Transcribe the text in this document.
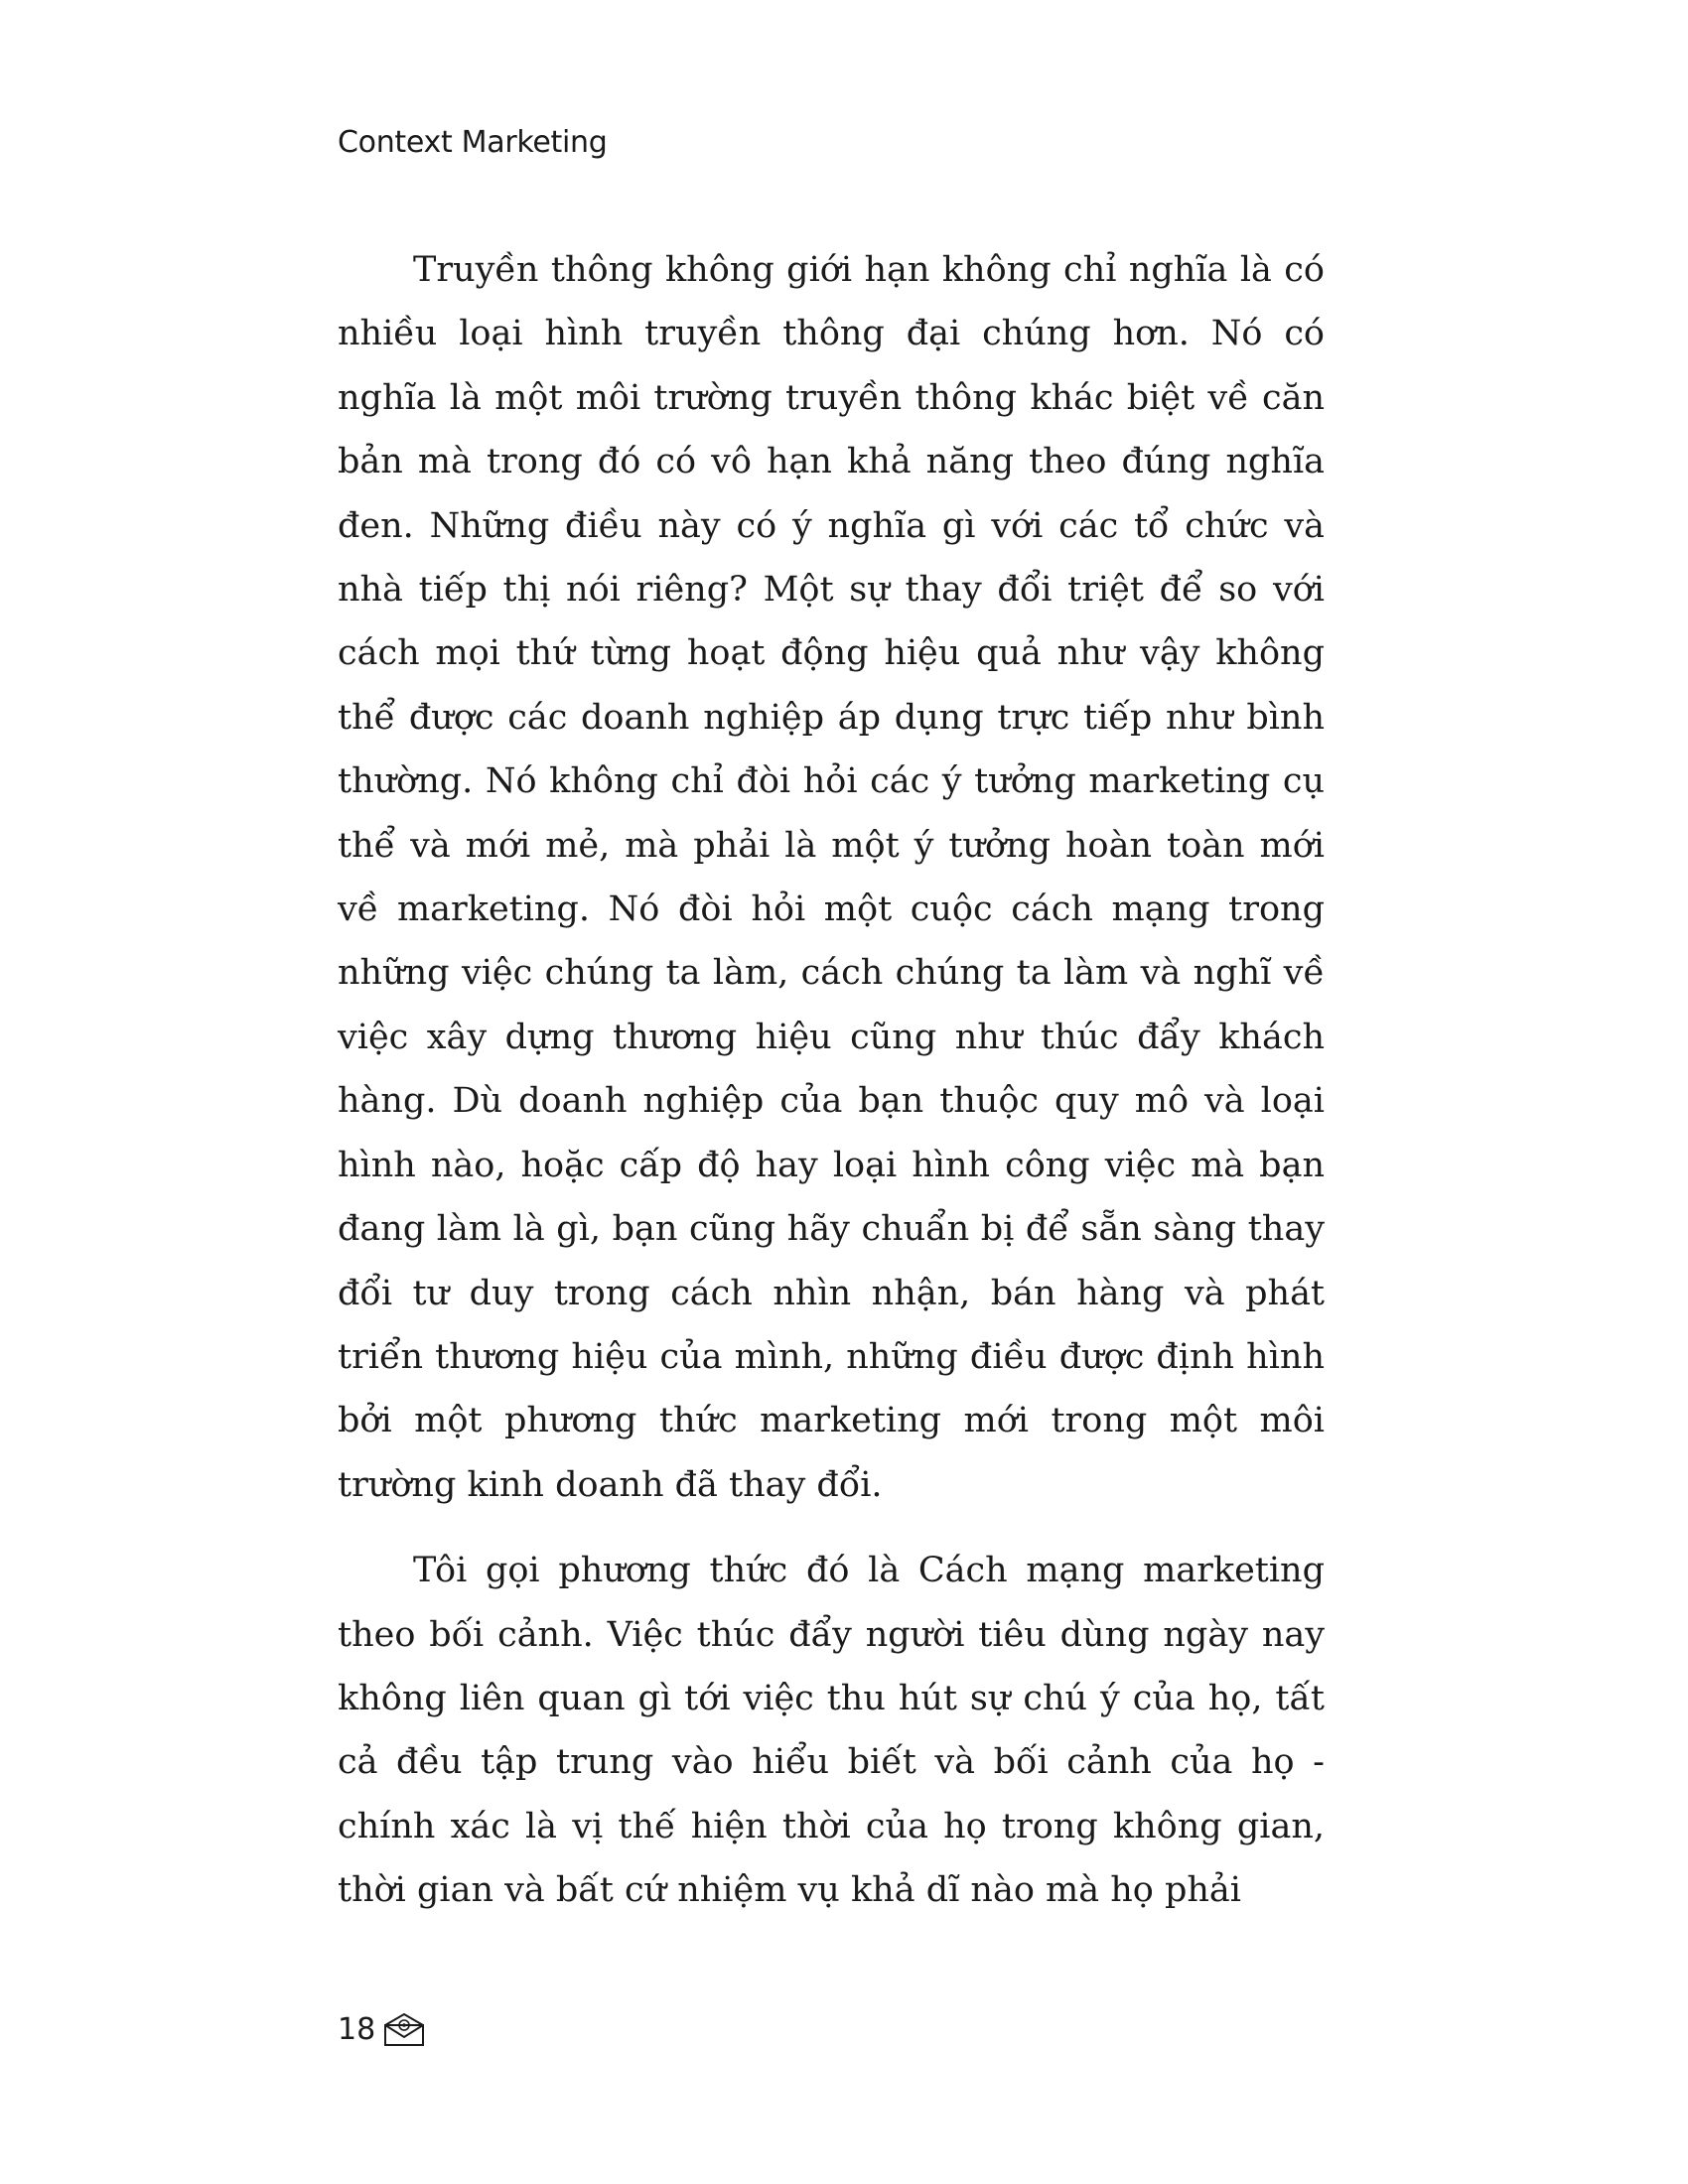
Context Marketing

Truyền thông không giới hạn không chỉ nghĩa là có nhiều loại hình truyền thông đại chúng hơn. Nó có nghĩa là một môi trường truyền thông khác biệt về căn bản mà trong đó có vô hạn khả năng theo đúng nghĩa đen. Những điều này có ý nghĩa gì với các tổ chức và nhà tiếp thị nói riêng? Một sự thay đổi triệt để so với cách mọi thứ từng hoạt động hiệu quả như vậy không thể được các doanh nghiệp áp dụng trực tiếp như bình thường. Nó không chỉ đòi hỏi các ý tưởng marketing cụ thể và mới mẻ, mà phải là một ý tưởng hoàn toàn mới về marketing. Nó đòi hỏi một cuộc cách mạng trong những việc chúng ta làm, cách chúng ta làm và nghĩ về việc xây dựng thương hiệu cũng như thúc đẩy khách hàng. Dù doanh nghiệp của bạn thuộc quy mô và loại hình nào, hoặc cấp độ hay loại hình công việc mà bạn đang làm là gì, bạn cũng hãy chuẩn bị để sẵn sàng thay đổi tư duy trong cách nhìn nhận, bán hàng và phát triển thương hiệu của mình, những điều được định hình bởi một phương thức marketing mới trong một môi trường kinh doanh đã thay đổi.

Tôi gọi phương thức đó là Cách mạng marketing theo bối cảnh. Việc thúc đẩy người tiêu dùng ngày nay không liên quan gì tới việc thu hút sự chú ý của họ, tất cả đều tập trung vào hiểu biết và bối cảnh của họ - chính xác là vị thế hiện thời của họ trong không gian, thời gian và bất cứ nhiệm vụ khả dĩ nào mà họ phải

18
